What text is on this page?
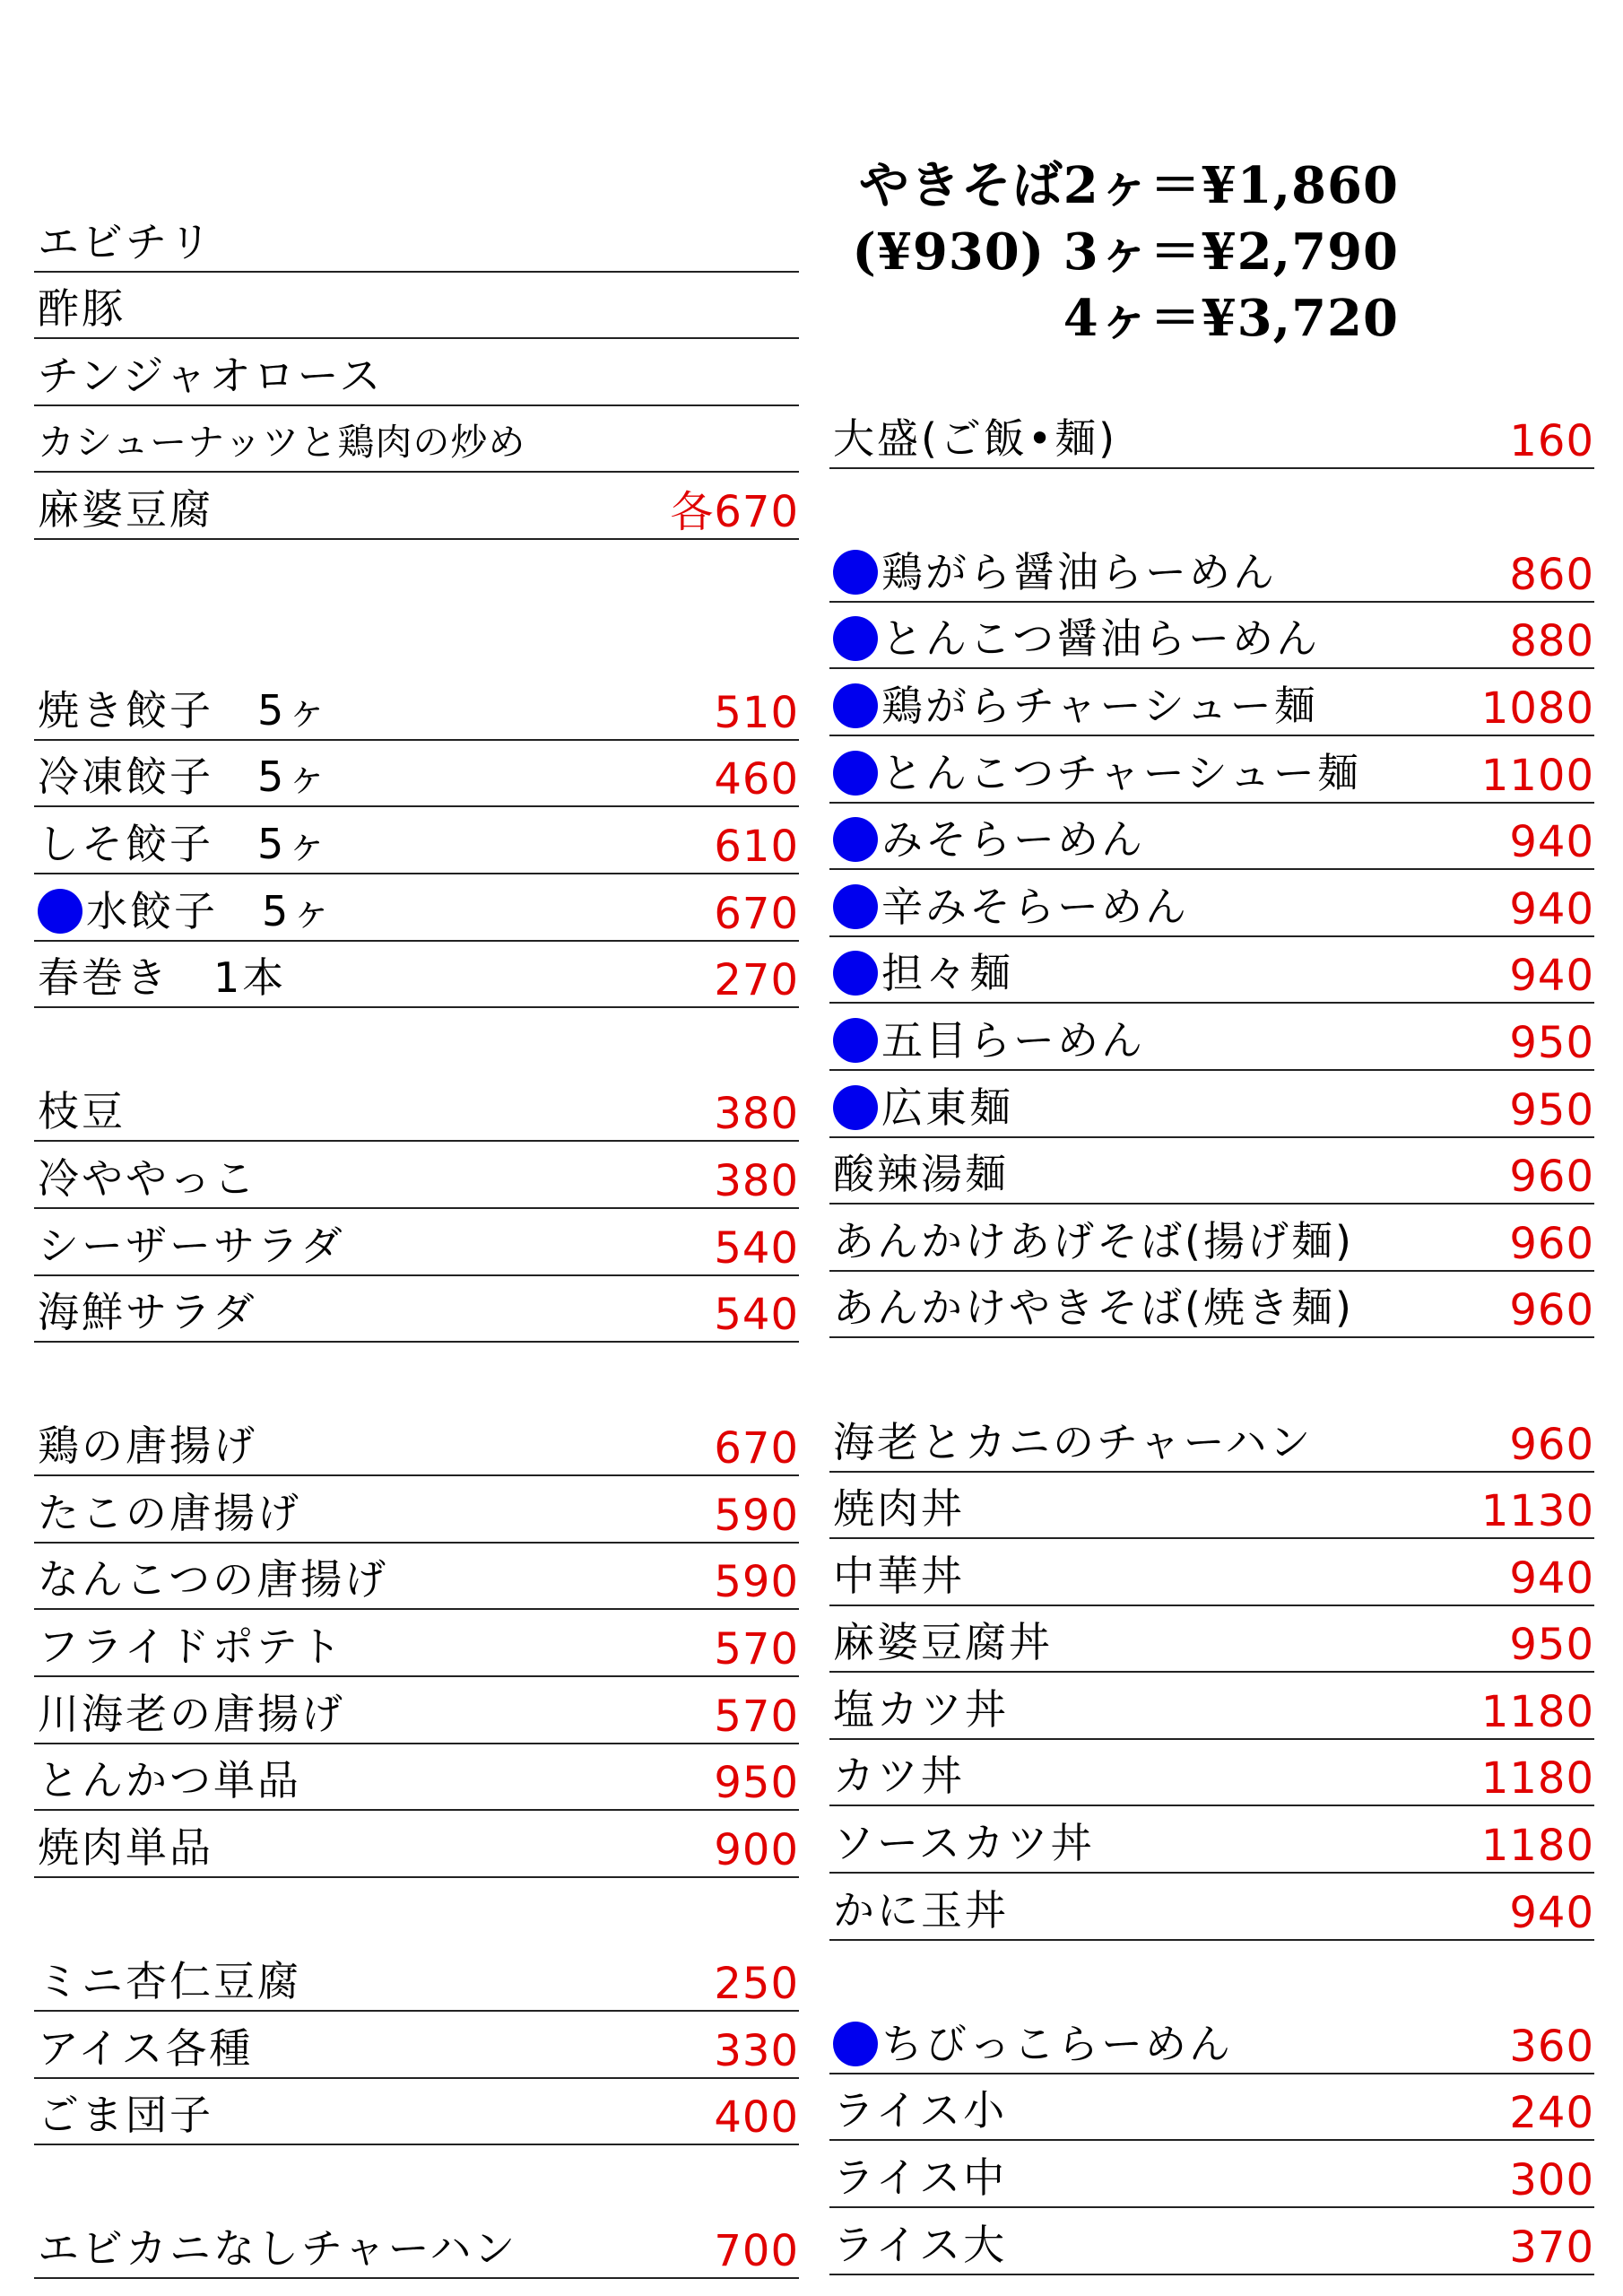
やきそば2ヶ＝¥1,860
(¥930) 3ヶ＝¥2,790
4ヶ＝¥3,720
エビチリ
酢豚
チンジャオロース
カシューナッツと鶏肉の炒め
麻婆豆腐	各670
焼き餃子　5ヶ	510
冷凍餃子　5ヶ	460
しそ餃子　5ヶ	610
水餃子　5ヶ	670
春巻き　1本	270
枝豆	380
冷ややっこ	380
シーザーサラダ	540
海鮮サラダ	540
鶏の唐揚げ	670
たこの唐揚げ	590
なんこつの唐揚げ	590
フライドポテト	570
川海老の唐揚げ	570
とんかつ単品	950
焼肉単品	900
ミニ杏仁豆腐	250
アイス各種	330
ごま団子	400
エビカニなしチャーハン	700
大盛(ご飯•麺)	160
鶏がら醤油らーめん	860
とんこつ醤油らーめん	880
鶏がらチャーシュー麺	1080
とんこつチャーシュー麺	1100
みそらーめん	940
辛みそらーめん	940
担々麺	940
五目らーめん	950
広東麺	950
酸辣湯麺	960
あんかけあげそば(揚げ麺)	960
あんかけやきそば(焼き麺)	960
海老とカニのチャーハン	960
焼肉丼	1130
中華丼	940
麻婆豆腐丼	950
塩カツ丼	1180
カツ丼	1180
ソースカツ丼	1180
かに玉丼	940
ちびっこらーめん	360
ライス小	240
ライス中	300
ライス大	370
